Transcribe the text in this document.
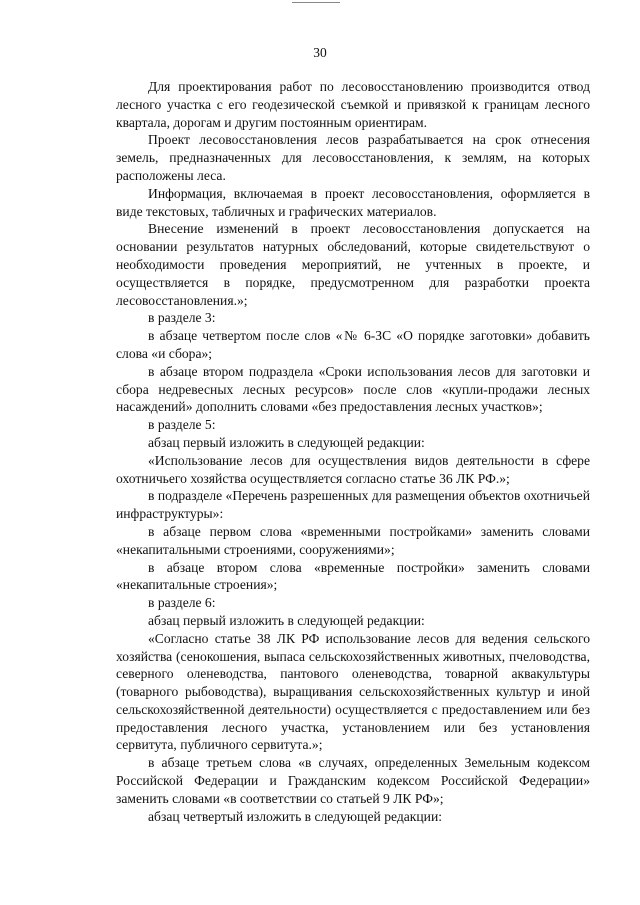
30

Для проектирования работ по лесовосстановлению производится отвод лесного участка с его геодезической съемкой и привязкой к границам лесного квартала, дорогам и другим постоянным ориентирам.

Проект лесовосстановления лесов разрабатывается на срок отнесения земель, предназначенных для лесовосстановления, к землям, на которых расположены леса.

Информация, включаемая в проект лесовосстановления, оформляется в виде текстовых, табличных и графических материалов.

Внесение изменений в проект лесовосстановления допускается на основании результатов натурных обследований, которые свидетельствуют о необходимости проведения мероприятий, не учтенных в проекте, и осуществляется в порядке, предусмотренном для разработки проекта лесовосстановления.»;

в разделе 3:

в абзаце четвертом после слов «№ 6-ЗС «О порядке заготовки» добавить слова «и сбора»;

в абзаце втором подраздела «Сроки использования лесов для заготовки и сбора недревесных лесных ресурсов» после слов «купли-продажи лесных насаждений» дополнить словами «без предоставления лесных участков»;

в разделе 5:

абзац первый изложить в следующей редакции:

«Использование лесов для осуществления видов деятельности в сфере охотничьего хозяйства осуществляется согласно статье 36 ЛК РФ.»;

в подразделе «Перечень разрешенных для размещения объектов охотничьей инфраструктуры»:

в абзаце первом слова «временными постройками» заменить словами «некапитальными строениями, сооружениями»;

в абзаце втором слова «временные постройки» заменить словами «некапитальные строения»;

в разделе 6:

абзац первый изложить в следующей редакции:

«Согласно статье 38 ЛК РФ использование лесов для ведения сельского хозяйства (сенокошения, выпаса сельскохозяйственных животных, пчеловодства, северного оленеводства, пантового оленеводства, товарной аквакультуры (товарного рыбоводства), выращивания сельскохозяйственных культур и иной сельскохозяйственной деятельности) осуществляется с предоставлением или без предоставления лесного участка, установлением или без установления сервитута, публичного сервитута.»;

в абзаце третьем слова «в случаях, определенных Земельным кодексом Российской Федерации и Гражданским кодексом Российской Федерации» заменить словами «в соответствии со статьей 9 ЛК РФ»;

абзац четвертый изложить в следующей редакции:
